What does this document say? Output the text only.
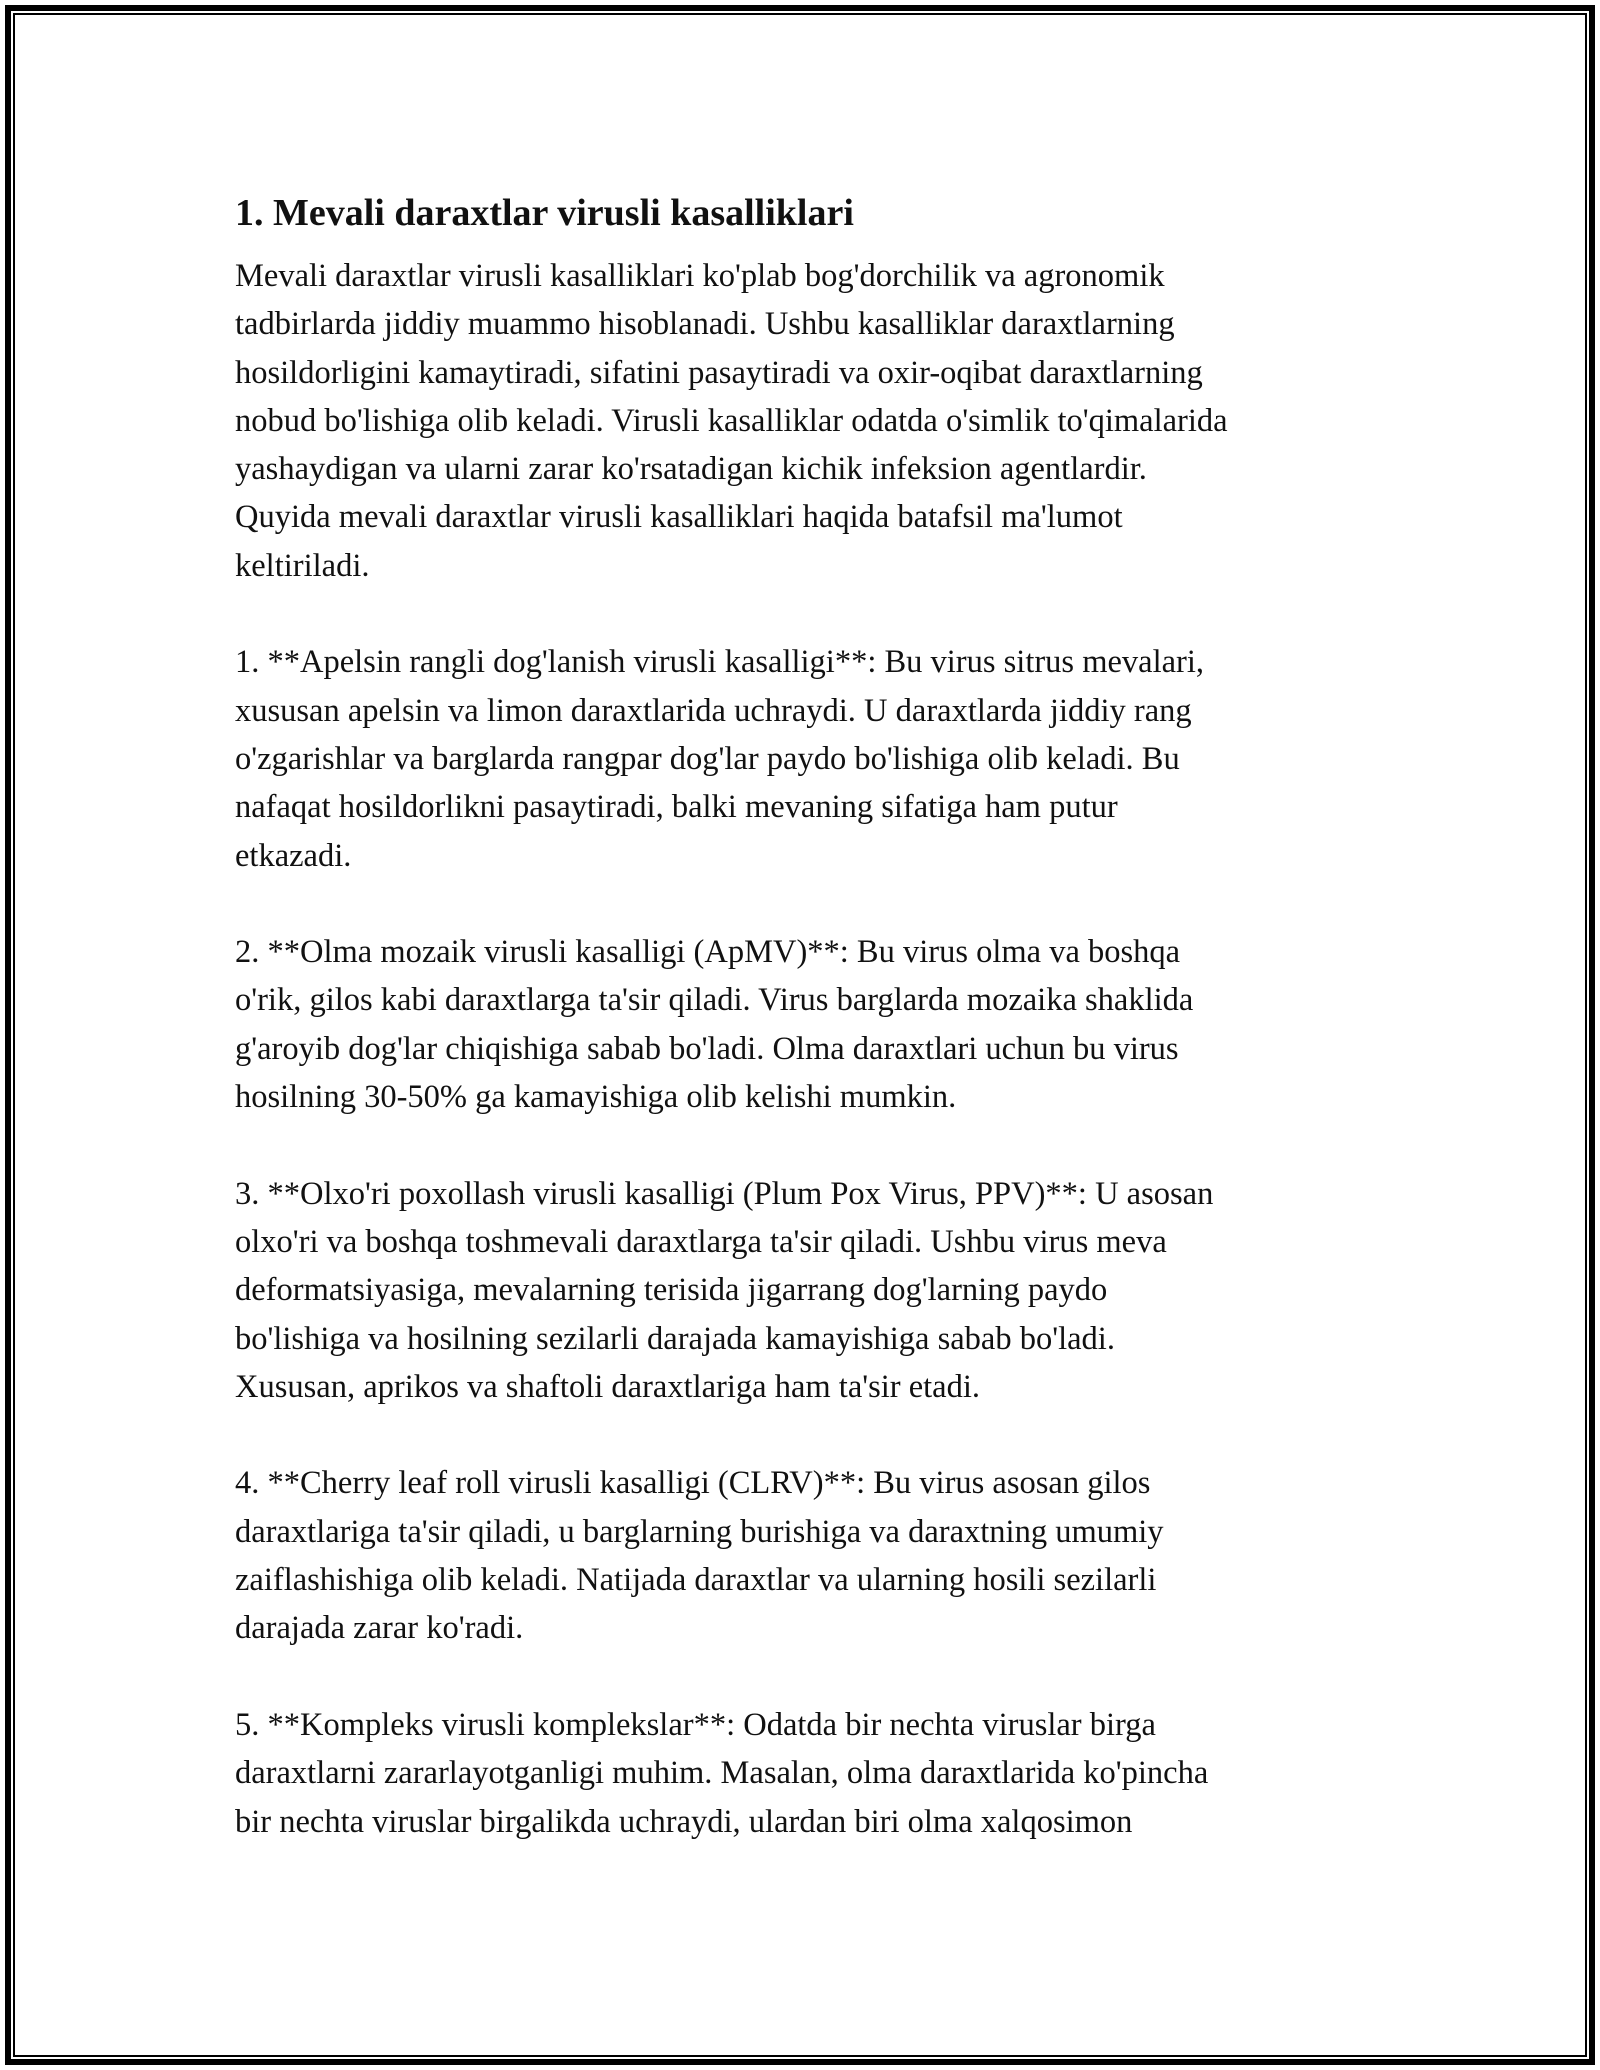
1. Mevali daraxtlar virusli kasalliklari

Mevali daraxtlar virusli kasalliklari ko'plab bog'dorchilik va agronomik
tadbirlarda jiddiy muammo hisoblanadi. Ushbu kasalliklar daraxtlarning
hosildorligini kamaytiradi, sifatini pasaytiradi va oxir-oqibat daraxtlarning
nobud bo'lishiga olib keladi. Virusli kasalliklar odatda o'simlik to'qimalarida
yashaydigan va ularni zarar ko'rsatadigan kichik infeksion agentlardir.
Quyida mevali daraxtlar virusli kasalliklari haqida batafsil ma'lumot
keltiriladi.

1. **Apelsin rangli dog'lanish virusli kasalligi**: Bu virus sitrus mevalari,
xususan apelsin va limon daraxtlarida uchraydi. U daraxtlarda jiddiy rang
o'zgarishlar va barglarda rangpar dog'lar paydo bo'lishiga olib keladi. Bu
nafaqat hosildorlikni pasaytiradi, balki mevaning sifatiga ham putur
etkazadi.

2. **Olma mozaik virusli kasalligi (ApMV)**: Bu virus olma va boshqa
o'rik, gilos kabi daraxtlarga ta'sir qiladi. Virus barglarda mozaika shaklida
g'aroyib dog'lar chiqishiga sabab bo'ladi. Olma daraxtlari uchun bu virus
hosilning 30-50% ga kamayishiga olib kelishi mumkin.

3. **Olxo'ri poxollash virusli kasalligi (Plum Pox Virus, PPV)**: U asosan
olxo'ri va boshqa toshmevali daraxtlarga ta'sir qiladi. Ushbu virus meva
deformatsiyasiga, mevalarning terisida jigarrang dog'larning paydo
bo'lishiga va hosilning sezilarli darajada kamayishiga sabab bo'ladi.
Xususan, aprikos va shaftoli daraxtlariga ham ta'sir etadi.

4. **Cherry leaf roll virusli kasalligi (CLRV)**: Bu virus asosan gilos
daraxtlariga ta'sir qiladi, u barglarning burishiga va daraxtning umumiy
zaiflashishiga olib keladi. Natijada daraxtlar va ularning hosili sezilarli
darajada zarar ko'radi.

5. **Kompleks virusli komplekslar**: Odatda bir nechta viruslar birga
daraxtlarni zararlayotganligi muhim. Masalan, olma daraxtlarida ko'pincha
bir nechta viruslar birgalikda uchraydi, ulardan biri olma xalqosimon
